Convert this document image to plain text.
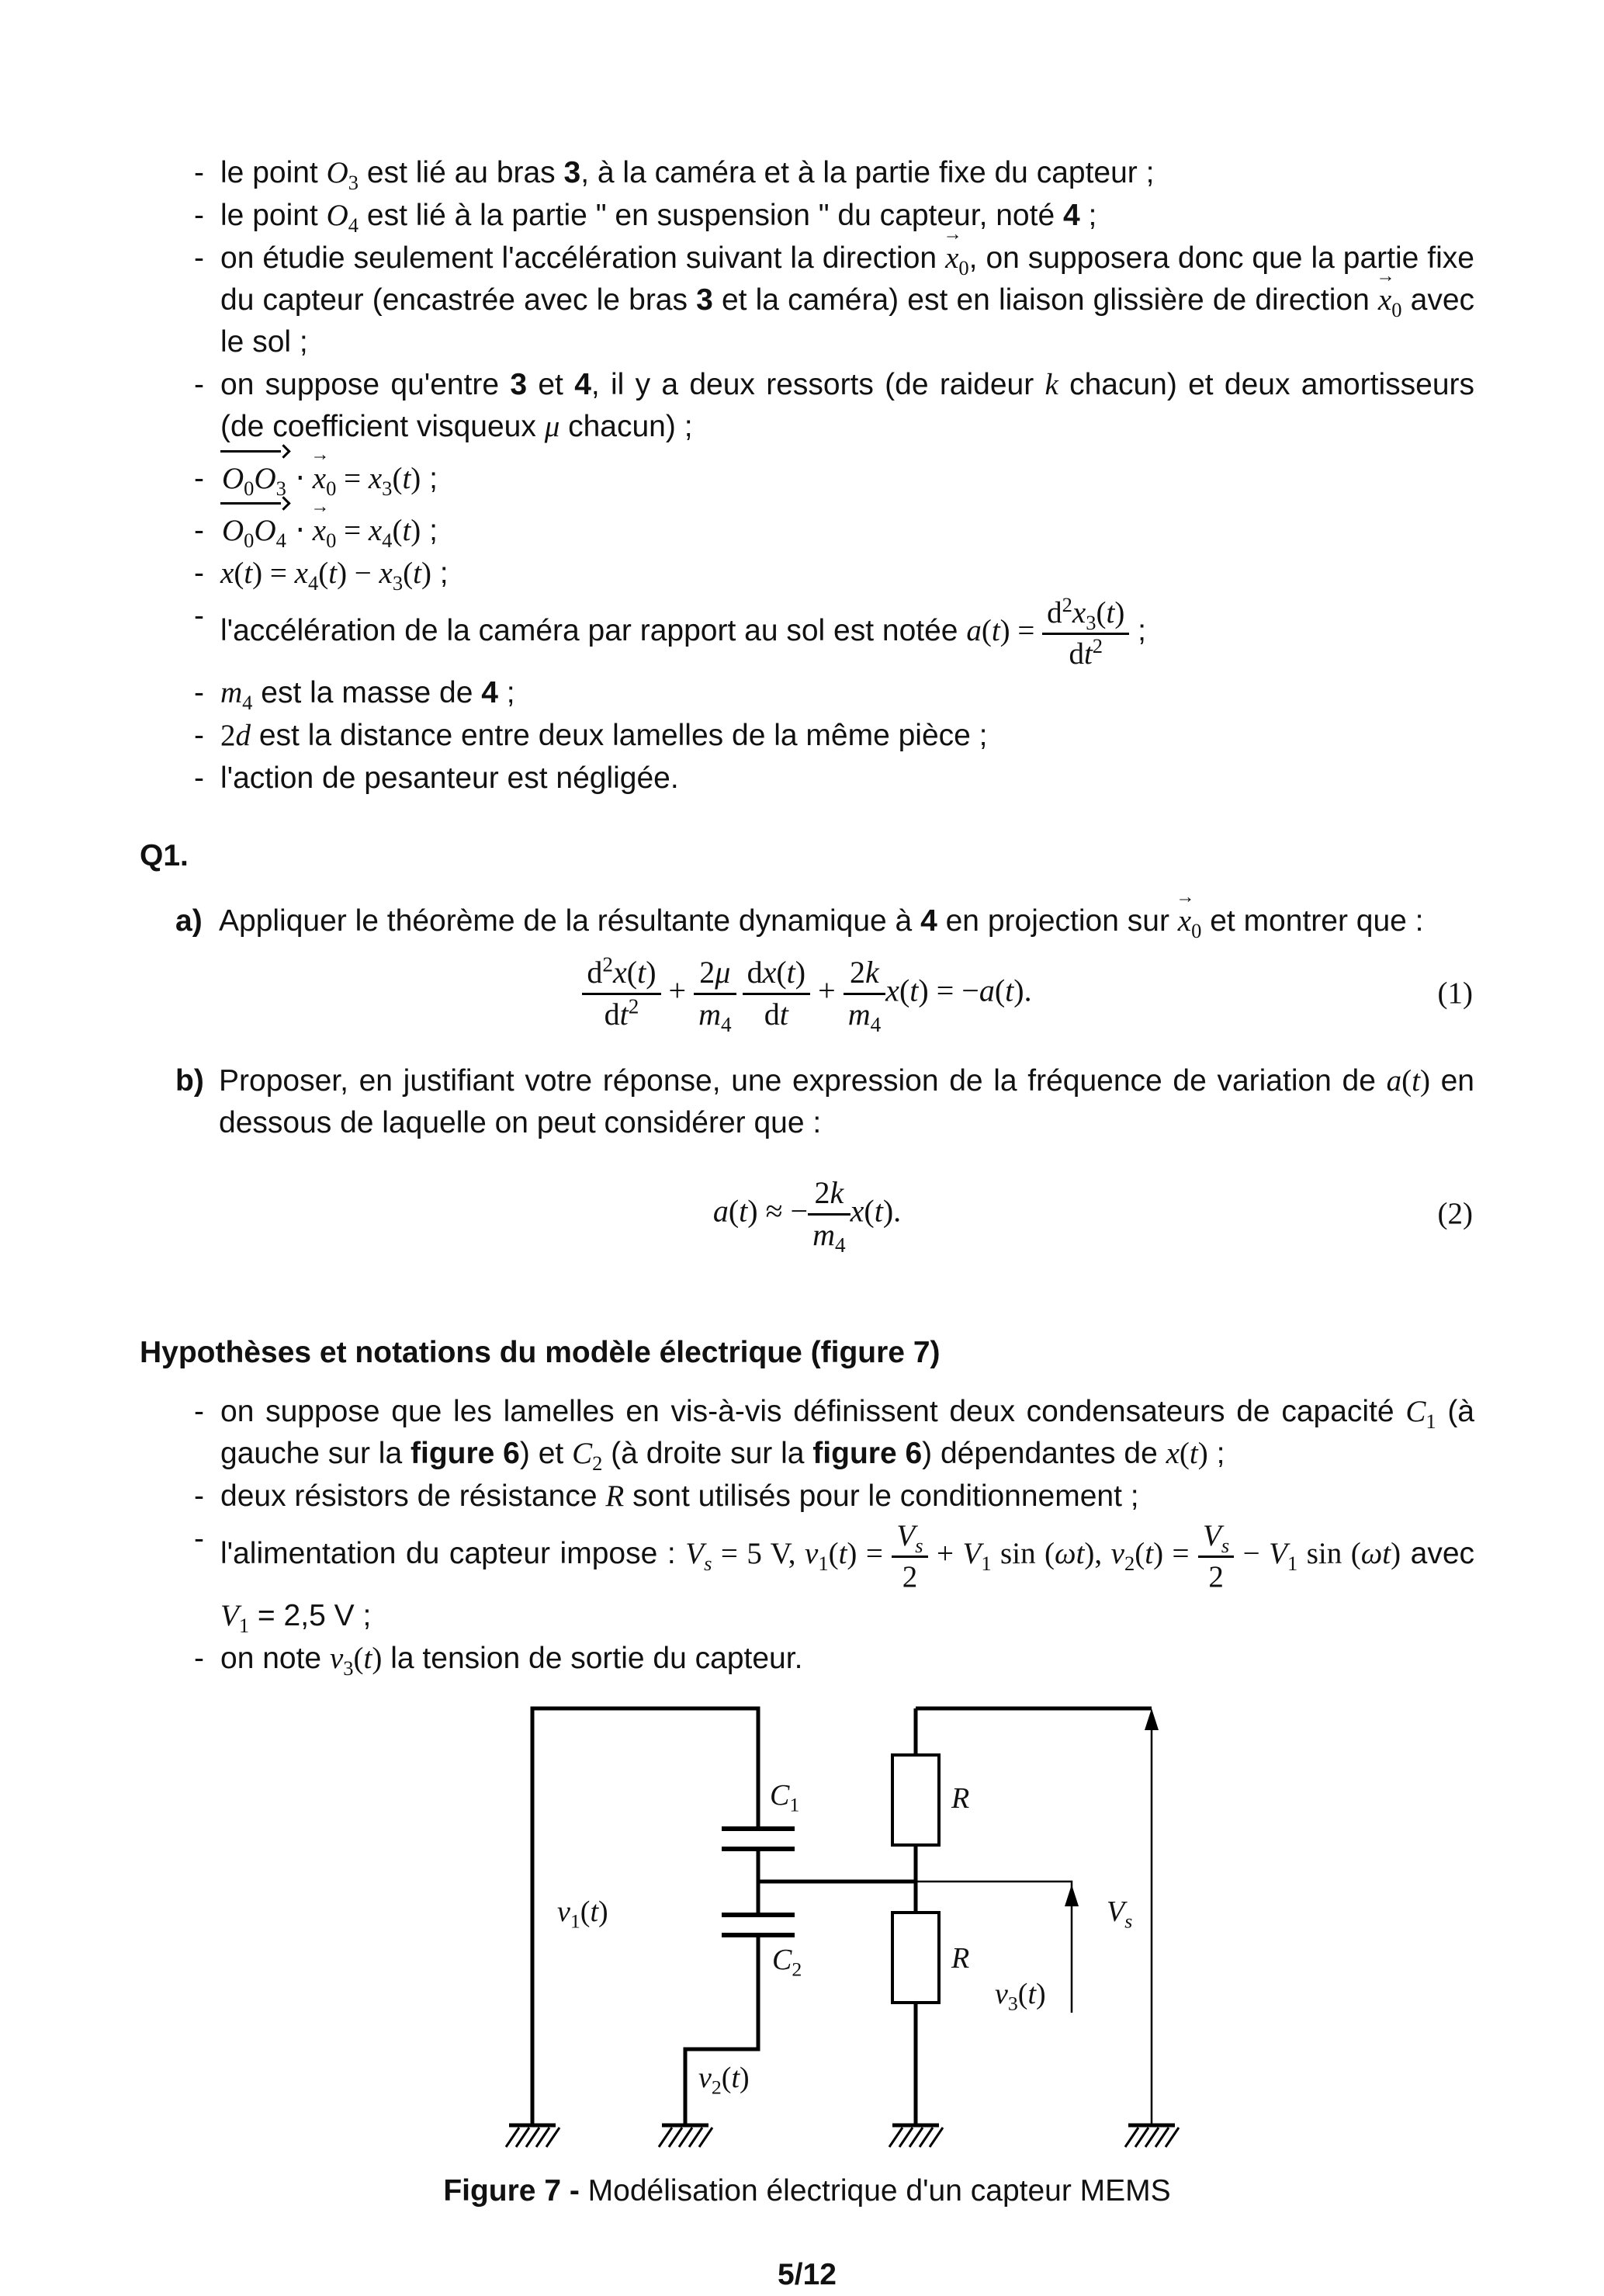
- le point $O_3$ est lié au bras 3, à la caméra et à la partie fixe du capteur ;
- le point $O_4$ est lié à la partie " en suspension " du capteur, noté 4 ;
- on étudie seulement l'accélération suivant la direction $x \to_0$, on supposera donc que la partie fixe du capteur (encastrée avec le bras 3 et la caméra) est en liaison glissière de direction $x \to_0$ avec le sol ;
- on suppose qu'entre 3 et 4, il y a deux ressorts (de raideur k chacun) et deux amortisseurs (de coefficient visqueux μ chacun) ;
- $O_0O_3 \cdot x \to_0 = x_3(t)$ ;
- $O_0O_4 \cdot x \to_0 = x_4(t)$ ;
- $x(t) = x_4(t) - x_3(t)$ ;
- l'accélération de la caméra par rapport au sol est notée $a(t) = \frac{d^2x_3(t)}{dt^2}$ ;
- $m_4$ est la masse de 4 ;
- 2d est la distance entre deux lamelles de la même pièce ;
- l'action de pesanteur est négligée.
Q1.
a) Appliquer le théorème de la résultante dynamique à 4 en projection sur $x \to_0$ et montrer que :
$\frac{d^2x(t)}{dt^2} + \frac{2\mu}{m_4}$
  $\frac{dx(t)}{dt} + \frac{2k}{m_4} x(t) = -a(t)$.	(1)
b) Proposer, en justifiant votre réponse, une expression de la fréquence de variation de a(t) en dessous de laquelle on peut considérer que :
a(t) ≈ − $\frac{2k}{m_4} x(t)$.	(2)
Hypothèses et notations du modèle électrique (figure 7)
- on suppose que les lamelles en vis-à-vis définissent deux condensateurs de capacité $C_1$ (à gauche sur la figure 6) et $C_2$ (à droite sur la figure 6) dépendantes de x(t) ;
- deux résistors de résistance R sont utilisés pour le conditionnement ;
- l'alimentation du capteur impose : $V_s = 5$ V, $v_1(t) = \frac{V_s}{2} + V_1$ sin (ωt), $v_2(t) = \frac{V_s}{2} - V_1$ sin (ωt) avec $V_1 = 2,5$ V ;
- on note $v_3(t)$ la tension de sortie du capteur.
$C_1$
$C_2$
R
R
$v_1(t)$
$v_2(t)$
$v_3(t)$
$V_s$
Figure 7 - Modélisation électrique d'un capteur MEMS
5/12
